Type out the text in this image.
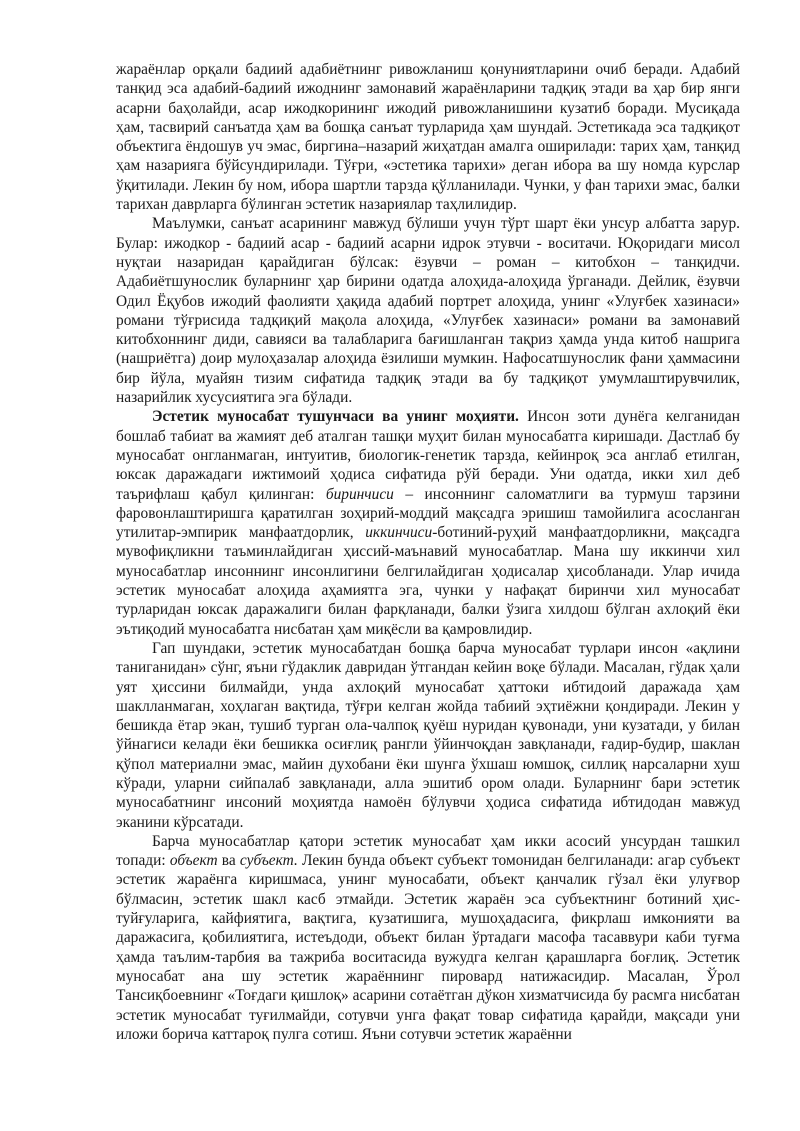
жараёнлар орқали бадиий адабиётнинг ривожланиш қонуниятларини очиб беради. Адабий танқид эса адабий-бадиий ижоднинг замонавий жараёнларини тадқиқ этади ва ҳар бир янги асарни баҳолайди, асар ижодкорининг ижодий ривожланишини кузатиб боради. Мусиқада ҳам, тасвирий санъатда ҳам ва бошқа санъат турларида ҳам шундай. Эстетикада эса тадқиқот объектига ёндошув уч эмас, биргина–назарий жиҳатдан амалга оширилади: тарих ҳам, танқид ҳам назарияга бўйсундирилади. Тўғри, «эстетика тарихи» деган ибора ва шу номда курслар ўқитилади. Лекин бу ном, ибора шартли тарзда қўлланилади. Чунки, у фан тарихи эмас, балки тарихан даврларга бўлинган эстетик назариялар таҳлилидир.

Маълумки, санъат асарининг мавжуд бўлиши учун тўрт шарт ёки унсур албатта зарур. Булар: ижодкор - бадиий асар - бадиий асарни идрок этувчи - воситачи. Юқоридаги мисол нуқтаи назаридан қарайдиган бўлсак: ёзувчи – роман – китобхон – танқидчи. Адабиётшунослик буларнинг ҳар бирини одатда алоҳида-алоҳида ўрганади. Дейлик, ёзувчи Одил Ёқубов ижодий фаолияти ҳақида адабий портрет алоҳида, унинг «Улуғбек хазинаси» романи тўғрисида тадқиқий мақола алоҳида, «Улуғбек хазинаси» романи ва замонавий китобхоннинг диди, савияси ва талабларига бағишланган тақриз ҳамда унда китоб нашрига (нашриётга) доир мулоҳазалар алоҳида ёзилиши мумкин. Нафосатшунослик фани ҳаммасини бир йўла, муайян тизим сифатида тадқиқ этади ва бу тадқиқот умумлаштирувчилик, назарийлик хусусиятига эга бўлади.

Эстетик муносабат тушунчаси ва унинг моҳияти. Инсон зоти дунёга келганидан бошлаб табиат ва жамият деб аталган ташқи муҳит билан муносабатга киришади. Дастлаб бу муносабат онгланмаган, интуитив, биологик-генетик тарзда, кейинроқ эса англаб етилган, юксак даражадаги ижтимоий ҳодиса сифатида рўй беради. Уни одатда, икки хил деб таърифлаш қабул қилинган: биринчиси – инсоннинг саломатлиги ва турмуш тарзини фаровонлаштиришга қаратилган зоҳирий-моддий мақсадга эришиш тамойилига асосланган утилитар-эмпирик манфаатдорлик, иккинчиси-ботиний-руҳий манфаатдорликни, мақсадга мувофиқликни таъминлайдиган ҳиссий-маънавий муносабатлар. Мана шу иккинчи хил муносабатлар инсоннинг инсонлигини белгилайдиган ҳодисалар ҳисобланади. Улар ичида эстетик муносабат алоҳида аҳамиятга эга, чунки у нафақат биринчи хил муносабат турларидан юксак даражалиги билан фарқланади, балки ўзига хилдош бўлган ахлоқий ёки эътиқодий муносабатга нисбатан ҳам миқёсли ва қамровлидир.

Гап шундаки, эстетик муносабатдан бошқа барча муносабат турлари инсон «ақлини таниганидан» сўнг, яъни гўдаклик давридан ўтгандан кейин воқе бўлади. Масалан, гўдак ҳали уят ҳиссини билмайди, унда ахлоқий муносабат ҳаттоки ибтидоий даражада ҳам шаклланмаган, хоҳлаган вақтида, тўғри келган жойда табиий эҳтиёжни қондиради. Лекин у бешикда ётар экан, тушиб турган ола-чалпоқ қуёш нуридан қувонади, уни кузатади, у билан ўйнагиси келади ёки бешикка осиғлиқ рангли ўйинчоқдан завқланади, ғадир-будир, шаклан қўпол материални эмас, майин духобани ёки шунга ўхшаш юмшоқ, силлиқ нарсаларни хуш кўради, уларни сийпалаб завқланади, алла эшитиб ором олади. Буларнинг бари эстетик муносабатнинг инсоний моҳиятда намоён бўлувчи ҳодиса сифатида ибтидодан мавжуд эканини кўрсатади.

Барча муносабатлар қатори эстетик муносабат ҳам икки асосий унсурдан ташкил топади: объект ва субъект. Лекин бунда объект субъект томонидан белгиланади: агар субъект эстетик жараёнга киришмаса, унинг муносабати, объект қанчалик гўзал ёки улуғвор бўлмасин, эстетик шакл касб этмайди. Эстетик жараён эса субъектнинг ботиний ҳис-туйғуларига, кайфиятига, вақтига, кузатишига, мушоҳадасига, фикрлаш имконияти ва даражасига, қобилиятига, истеъдоди, объект билан ўртадаги масофа тасаввури каби туғма ҳамда таълим-тарбия ва тажриба воситасида вужудга келган қарашларга боғлиқ. Эстетик муносабат ана шу эстетик жараённинг пировард натижасидир. Масалан, Ўрол Тансиқбоевнинг «Тоғдаги қишлоқ» асарини сотаётган дўкон хизматчисида бу расмга нисбатан эстетик муносабат туғилмайди, сотувчи унга фақат товар сифатида қарайди, мақсади уни иложи борича каттароқ пулга сотиш. Яъни сотувчи эстетик жараённи
